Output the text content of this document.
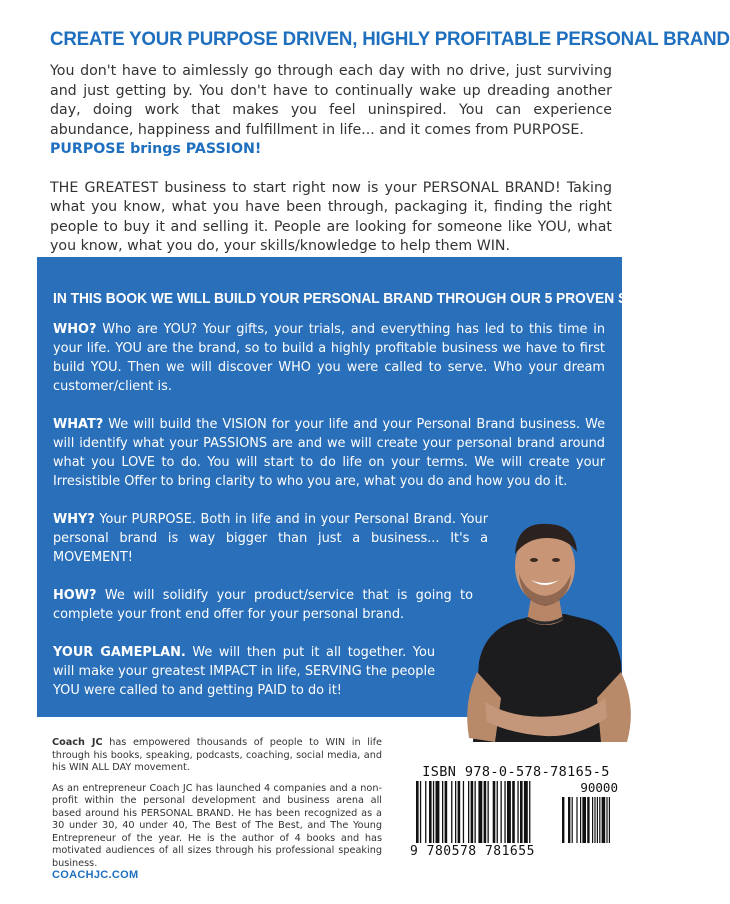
CREATE YOUR PURPOSE DRIVEN, HIGHLY PROFITABLE PERSONAL BRAND

You don't have to aimlessly go through each day with no drive, just surviving and just getting by. You don't have to continually wake up dreading another day, doing work that makes you feel uninspired. You can experience abundance, happiness and fulfillment in life... and it comes from PURPOSE.
PURPOSE brings PASSION!

THE GREATEST business to start right now is your PERSONAL BRAND! Taking what you know, what you have been through, packaging it, finding the right people to buy it and selling it. People are looking for someone like YOU, what you know, what you do, your skills/knowledge to help them WIN.

IN THIS BOOK WE WILL BUILD YOUR PERSONAL BRAND THROUGH OUR 5 PROVEN STEPS:
WHO? Who are YOU? Your gifts, your trials, and everything has led to this time in your life. YOU are the brand, so to build a highly profitable business we have to first build YOU. Then we will discover WHO you were called to serve. Who your dream customer/client is.
WHAT? We will build the VISION for your life and your Personal Brand business. We will identify what your PASSIONS are and we will create your personal brand around what you LOVE to do. You will start to do life on your terms. We will create your Irresistible Offer to bring clarity to who you are, what you do and how you do it.
WHY? Your PURPOSE. Both in life and in your Personal Brand. Your personal brand is way bigger than just a business... It's a MOVEMENT!
HOW? We will solidify your product/service that is going to complete your front end offer for your personal brand.
YOUR GAMEPLAN. We will then put it all together. You will make your greatest IMPACT in life, SERVING the people YOU were called to and getting PAID to do it!

Coach JC has empowered thousands of people to WIN in life through his books, speaking, podcasts, coaching, social media, and his WIN ALL DAY movement.

As an entrepreneur Coach JC has launched 4 companies and a non-profit within the personal development and business arena all based around his PERSONAL BRAND. He has been recognized as a 30 under 30, 40 under 40, The Best of The Best, and The Young Entrepreneur of the year. He is the author of 4 books and has motivated audiences of all sizes through his professional speaking business.

COACHJC.COM
ISBN 978-0-578-78165-5
90000
9 780578 781655
